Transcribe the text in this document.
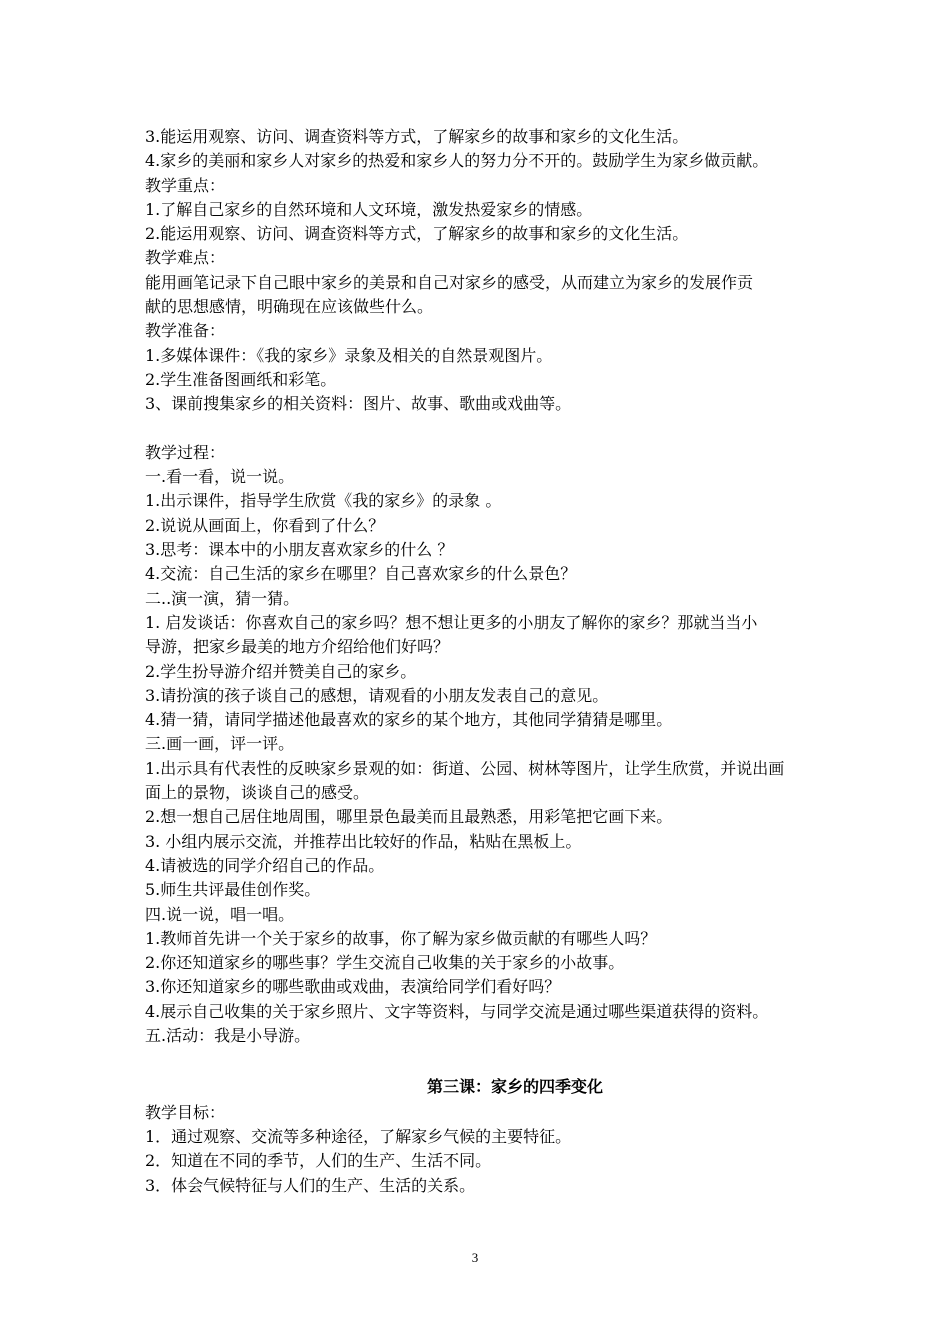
3.能运用观察、访问、调查资料等方式，了解家乡的故事和家乡的文化生活。
4.家乡的美丽和家乡人对家乡的热爱和家乡人的努力分不开的。鼓励学生为家乡做贡献。
教学重点：
1.了解自己家乡的自然环境和人文环境，激发热爱家乡的情感。
2.能运用观察、访问、调查资料等方式，了解家乡的故事和家乡的文化生活。
教学难点：
能用画笔记录下自己眼中家乡的美景和自己对家乡的感受，从而建立为家乡的发展作贡
献的思想感情，明确现在应该做些什么。
教学准备：
1.多媒体课件：《我的家乡》录象及相关的自然景观图片。
2.学生准备图画纸和彩笔。
3、课前搜集家乡的相关资料：图片、故事、歌曲或戏曲等。
教学过程：
一.看一看，说一说。
1.出示课件，指导学生欣赏《我的家乡》的录象 。
2.说说从画面上，你看到了什么？
3.思考：课本中的小朋友喜欢家乡的什么 ？
4.交流：自己生活的家乡在哪里？自己喜欢家乡的什么景色？
二..演一演，猜一猜。
1. 启发谈话：你喜欢自己的家乡吗？想不想让更多的小朋友了解你的家乡？那就当当小
导游，把家乡最美的地方介绍给他们好吗？
2.学生扮导游介绍并赞美自己的家乡。
3.请扮演的孩子谈自己的感想，请观看的小朋友发表自己的意见。
4.猜一猜，请同学描述他最喜欢的家乡的某个地方，其他同学猜猜是哪里。
三.画一画，评一评。
1.出示具有代表性的反映家乡景观的如：街道、公园、树林等图片，让学生欣赏，并说出画
面上的景物，谈谈自己的感受。
2.想一想自己居住地周围，哪里景色最美而且最熟悉，用彩笔把它画下来。
3. 小组内展示交流，并推荐出比较好的作品，粘贴在黑板上。
4.请被选的同学介绍自己的作品。
5.师生共评最佳创作奖。
四.说一说，唱一唱。
1.教师首先讲一个关于家乡的故事，你了解为家乡做贡献的有哪些人吗？
2.你还知道家乡的哪些事？学生交流自己收集的关于家乡的小故事。
3.你还知道家乡的哪些歌曲或戏曲，表演给同学们看好吗？
4.展示自己收集的关于家乡照片、文字等资料，与同学交流是通过哪些渠道获得的资料。
五.活动：我是小导游。
第三课：家乡的四季变化
教学目标：
1．通过观察、交流等多种途径，了解家乡气候的主要特征。
2．知道在不同的季节，人们的生产、生活不同。
3．体会气候特征与人们的生产、生活的关系。
3
